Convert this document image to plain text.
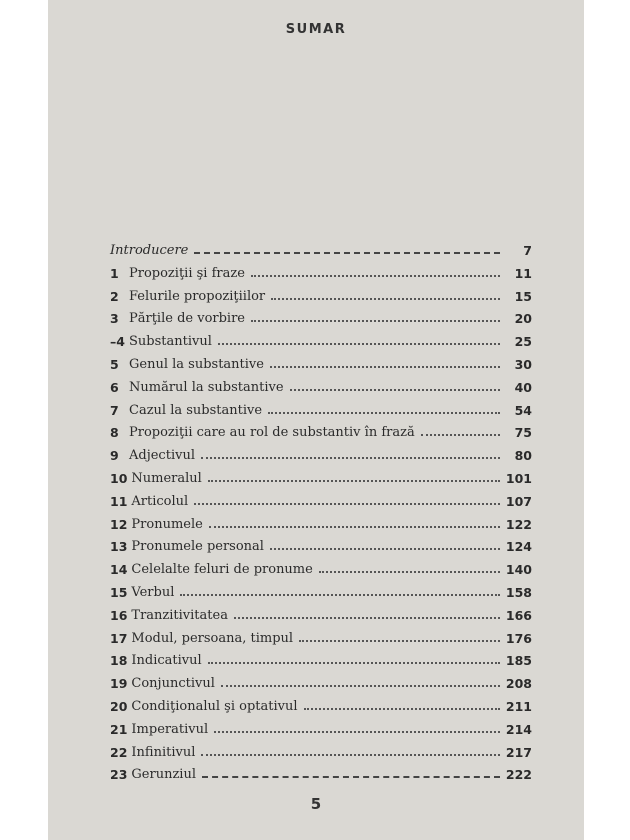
SUMAR
Introducere	7
1 Propoziţii şi fraze	11
2 Felurile propoziţiilor	15
3 Părţile de vorbire	20
–4 Substantivul	25
5 Genul la substantive	30
6 Numărul la substantive	40
7 Cazul la substantive	54
8 Propoziţii care au rol de substantiv în frază	75
9 Adjectivul	80
10 Numeralul	101
11 Articolul	107
12 Pronumele	122
13 Pronumele personal	124
14 Celelalte feluri de pronume	140
15 Verbul	158
16 Tranzitivitatea	166
17 Modul, persoana, timpul	176
18 Indicativul	185
19 Conjunctivul	208
20 Condiţionalul şi optativul	211
21 Imperativul	214
22 Infinitivul	217
23 Gerunziul	222
5
